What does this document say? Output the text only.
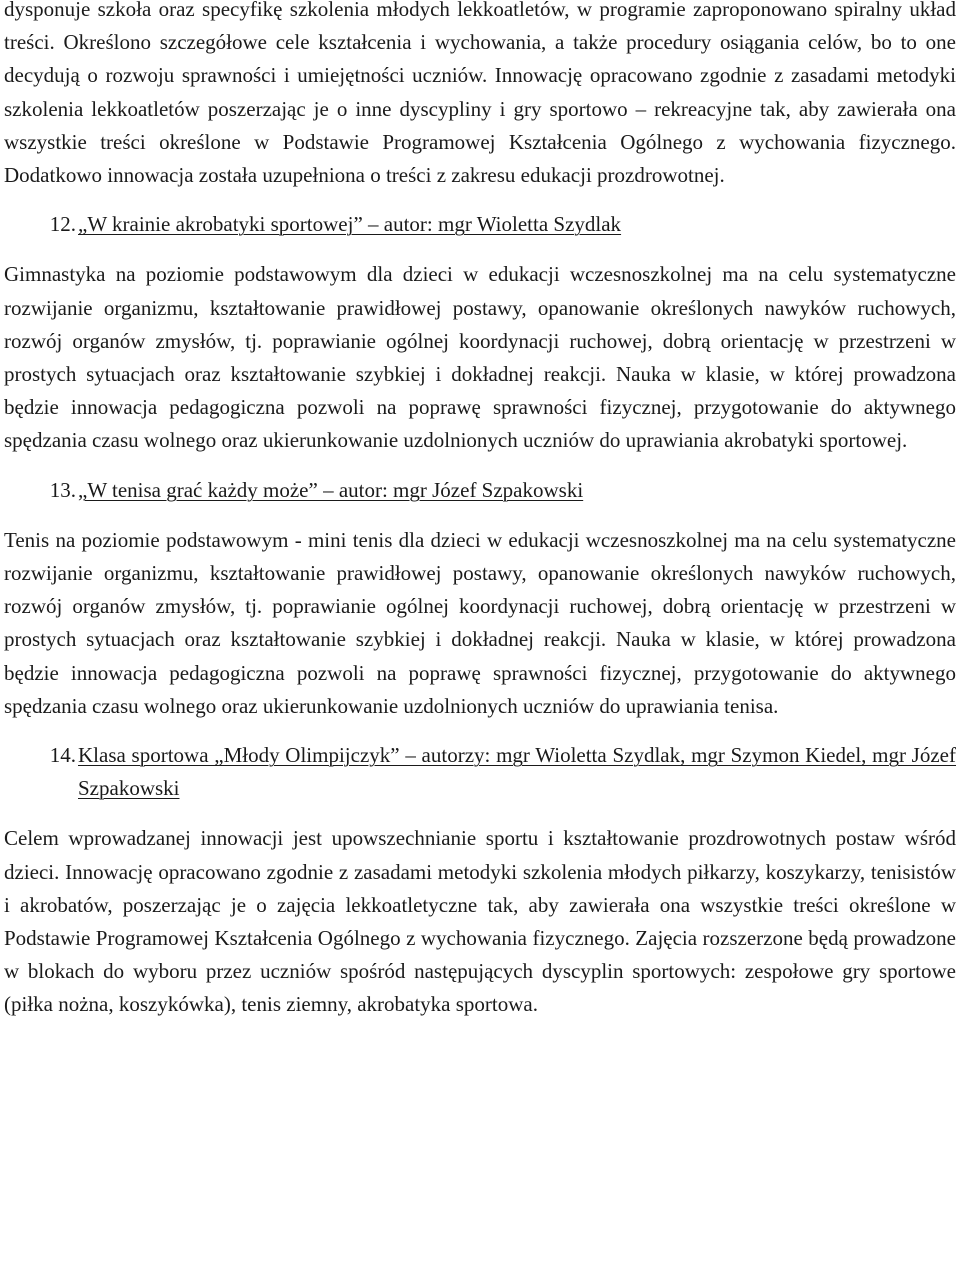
dysponuje szkoła oraz specyfikę szkolenia młodych lekkoatletów, w programie zaproponowano spiralny układ treści. Określono szczegółowe cele kształcenia i wychowania, a także procedury osiągania celów, bo to one decydują o rozwoju sprawności i umiejętności uczniów. Innowację opracowano zgodnie z zasadami metodyki szkolenia lekkoatletów poszerzając je o inne dyscypliny i gry sportowo – rekreacyjne tak, aby zawierała ona wszystkie treści określone w Podstawie Programowej Kształcenia Ogólnego z wychowania fizycznego. Dodatkowo innowacja została uzupełniona o treści z zakresu edukacji prozdrowotnej.

12. „W krainie akrobatyki sportowej” – autor: mgr Wioletta Szydlak

Gimnastyka na poziomie podstawowym dla dzieci w edukacji wczesnoszkolnej ma na celu systematyczne rozwijanie organizmu, kształtowanie prawidłowej postawy, opanowanie określonych nawyków ruchowych, rozwój organów zmysłów, tj. poprawianie ogólnej koordynacji ruchowej, dobrą orientację w przestrzeni w prostych sytuacjach oraz kształtowanie szybkiej i dokładnej reakcji. Nauka w klasie, w której prowadzona będzie innowacja pedagogiczna pozwoli na poprawę sprawności fizycznej, przygotowanie do aktywnego spędzania czasu wolnego oraz ukierunkowanie uzdolnionych uczniów do uprawiania akrobatyki sportowej.

13. „W tenisa grać każdy może” – autor: mgr Józef Szpakowski

Tenis na poziomie podstawowym - mini tenis dla dzieci w edukacji wczesnoszkolnej ma na celu systematyczne rozwijanie organizmu, kształtowanie prawidłowej postawy, opanowanie określonych nawyków ruchowych, rozwój organów zmysłów, tj. poprawianie ogólnej koordynacji ruchowej, dobrą orientację w przestrzeni w prostych sytuacjach oraz kształtowanie szybkiej i dokładnej reakcji. Nauka w klasie, w której prowadzona będzie innowacja pedagogiczna pozwoli na poprawę sprawności fizycznej, przygotowanie do aktywnego spędzania czasu wolnego oraz ukierunkowanie uzdolnionych uczniów do uprawiania tenisa.

14. Klasa sportowa „Młody Olimpijczyk” – autorzy: mgr Wioletta Szydlak, mgr Szymon Kiedel, mgr Józef Szpakowski

Celem wprowadzanej innowacji jest upowszechnianie sportu i kształtowanie prozdrowotnych postaw wśród dzieci. Innowację opracowano zgodnie z zasadami metodyki szkolenia młodych piłkarzy, koszykarzy, tenisistów i akrobatów, poszerzając je o zajęcia lekkoatletyczne tak, aby zawierała ona wszystkie treści określone w Podstawie Programowej Kształcenia Ogólnego z wychowania fizycznego. Zajęcia rozszerzone będą prowadzone w blokach do wyboru przez uczniów spośród następujących dyscyplin sportowych: zespołowe gry sportowe (piłka nożna, koszykówka), tenis ziemny, akrobatyka sportowa.
